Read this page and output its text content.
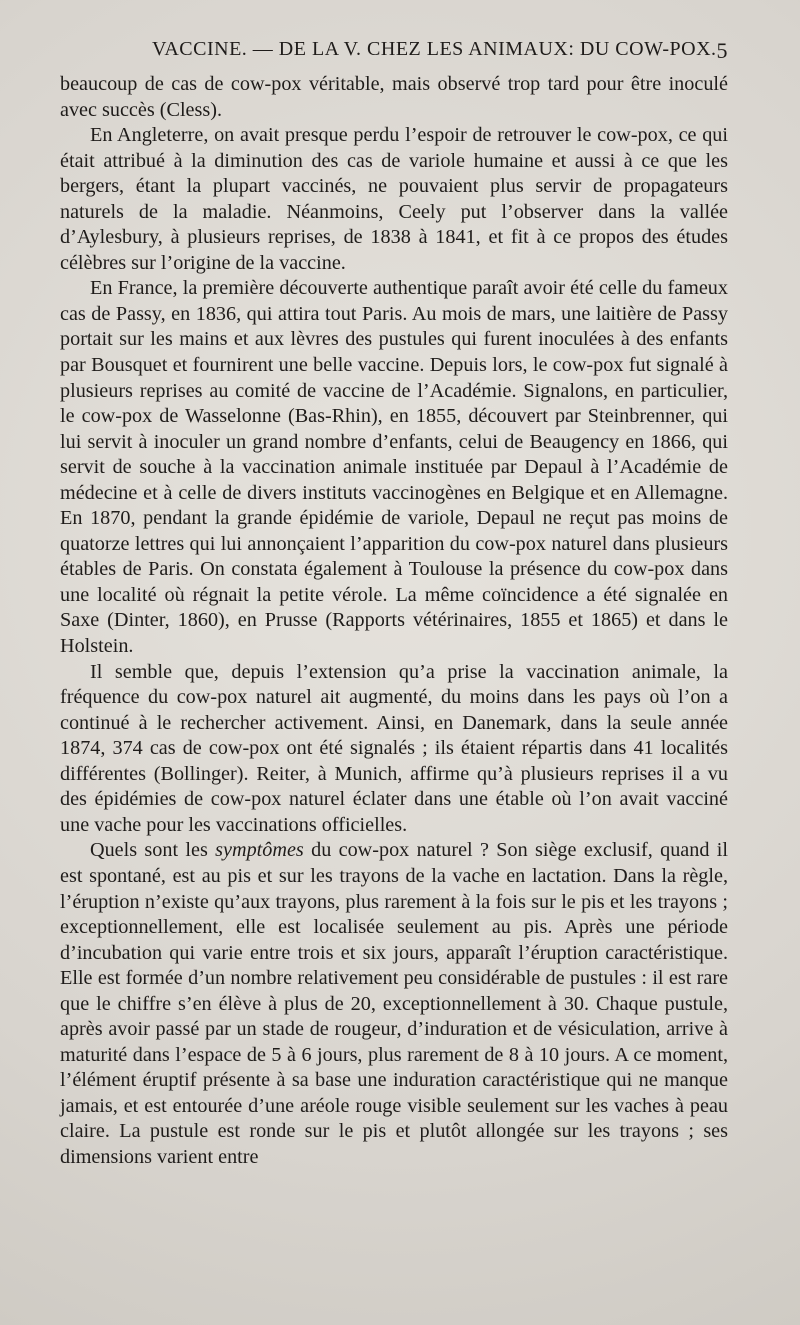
VACCINE. — DE LA V. CHEZ LES ANIMAUX: DU COW-POX. 5

beaucoup de cas de cow-pox véritable, mais observé trop tard pour être inoculé avec succès (Cless).

En Angleterre, on avait presque perdu l’espoir de retrouver le cow-pox, ce qui était attribué à la diminution des cas de variole humaine et aussi à ce que les bergers, étant la plupart vaccinés, ne pouvaient plus servir de propagateurs naturels de la maladie. Néanmoins, Ceely put l’observer dans la vallée d’Aylesbury, à plusieurs reprises, de 1838 à 1841, et fit à ce propos des études célèbres sur l’origine de la vaccine.

En France, la première découverte authentique paraît avoir été celle du fameux cas de Passy, en 1836, qui attira tout Paris. Au mois de mars, une laitière de Passy portait sur les mains et aux lèvres des pustules qui furent inoculées à des enfants par Bousquet et fournirent une belle vaccine. Depuis lors, le cow-pox fut signalé à plusieurs reprises au comité de vaccine de l’Académie. Signalons, en particulier, le cow-pox de Wasselonne (Bas-Rhin), en 1855, découvert par Steinbrenner, qui lui servit à inoculer un grand nombre d’enfants, celui de Beaugency en 1866, qui servit de souche à la vaccination animale instituée par Depaul à l’Académie de médecine et à celle de divers instituts vaccinogènes en Belgique et en Allemagne. En 1870, pendant la grande épidémie de variole, Depaul ne reçut pas moins de quatorze lettres qui lui annonçaient l’apparition du cow-pox naturel dans plusieurs étables de Paris. On constata également à Toulouse la présence du cow-pox dans une localité où régnait la petite vérole. La même coïncidence a été signalée en Saxe (Dinter, 1860), en Prusse (Rapports vétérinaires, 1855 et 1865) et dans le Holstein.

Il semble que, depuis l’extension qu’a prise la vaccination animale, la fréquence du cow-pox naturel ait augmenté, du moins dans les pays où l’on a continué à le rechercher activement. Ainsi, en Danemark, dans la seule année 1874, 374 cas de cow-pox ont été signalés ; ils étaient répartis dans 41 localités différentes (Bollinger). Reiter, à Munich, affirme qu’à plusieurs reprises il a vu des épidémies de cow-pox naturel éclater dans une étable où l’on avait vacciné une vache pour les vaccinations officielles.

Quels sont les symptômes du cow-pox naturel ? Son siège exclusif, quand il est spontané, est au pis et sur les trayons de la vache en lactation. Dans la règle, l’éruption n’existe qu’aux trayons, plus rarement à la fois sur le pis et les trayons ; exceptionnellement, elle est localisée seulement au pis. Après une période d’incubation qui varie entre trois et six jours, apparaît l’éruption caractéristique. Elle est formée d’un nombre relativement peu considérable de pustules : il est rare que le chiffre s’en élève à plus de 20, exceptionnellement à 30. Chaque pustule, après avoir passé par un stade de rougeur, d’induration et de vésiculation, arrive à maturité dans l’espace de 5 à 6 jours, plus rarement de 8 à 10 jours. A ce moment, l’élément éruptif présente à sa base une induration caractéristique qui ne manque jamais, et est entourée d’une aréole rouge visible seulement sur les vaches à peau claire. La pustule est ronde sur le pis et plutôt allongée sur les trayons ; ses dimensions varient entre
